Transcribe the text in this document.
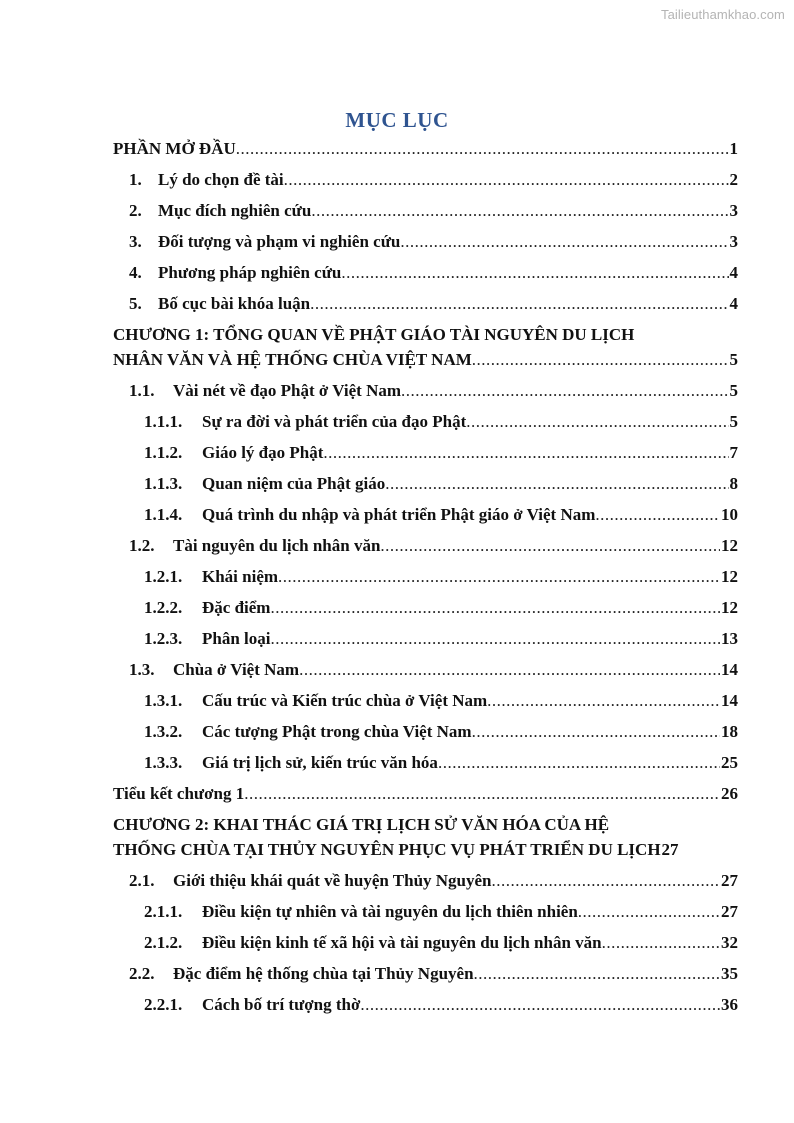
Tailieuthamkhao.com
MỤC LỤC
PHẦN MỞ ĐẦU .....	1
1. Lý do chọn đề tài .....	2
2. Mục đích nghiên cứu .....	3
3. Đối tượng và phạm vi nghiên cứu .....	3
4. Phương pháp nghiên cứu .....	4
5. Bố cục bài khóa luận .....	4
CHƯƠNG 1: TỔNG QUAN VỀ PHẬT GIÁO TÀI NGUYÊN DU LỊCH
NHÂN VĂN VÀ HỆ THỐNG CHÙA VIỆT NAM .....	5
1.1.	Vài nét về đạo Phật ở Việt Nam .....	5
1.1.1.	Sự ra đời và phát triển của đạo Phật .....	5
1.1.2.	Giáo lý đạo Phật .....	7
1.1.3.	Quan niệm của Phật giáo .....	8
1.1.4.	Quá trình du nhập và phát triển Phật giáo ở Việt Nam .....	10
1.2.	Tài nguyên du lịch nhân văn .....	12
1.2.1.	Khái niệm .....	12
1.2.2.	Đặc điểm .....	12
1.2.3.	Phân loại .....	13
1.3.	Chùa ở Việt Nam .....	14
1.3.1.	Cấu trúc và Kiến trúc chùa ở Việt Nam .....	14
1.3.2.	Các tượng Phật trong chùa Việt Nam .....	18
1.3.3.	Giá trị lịch sử, kiến trúc văn hóa .....	25
Tiểu kết chương 1 .....	26
CHƯƠNG 2: KHAI THÁC GIÁ TRỊ LỊCH SỬ VĂN HÓA CỦA HỆ
THỐNG CHÙA TẠI THỦY NGUYÊN PHỤC VỤ PHÁT TRIỂN DU LỊCH 27
2.1.	Giới thiệu khái quát về huyện Thủy Nguyên .....	27
2.1.1.	Điều kiện tự nhiên và tài nguyên du lịch thiên nhiên .....	27
2.1.2.	Điều kiện kinh tế xã hội và tài nguyên du lịch nhân văn .....	32
2.2.	Đặc điểm hệ thống chùa tại Thủy Nguyên .....	35
2.2.1.	Cách bố trí tượng thờ .....	36
